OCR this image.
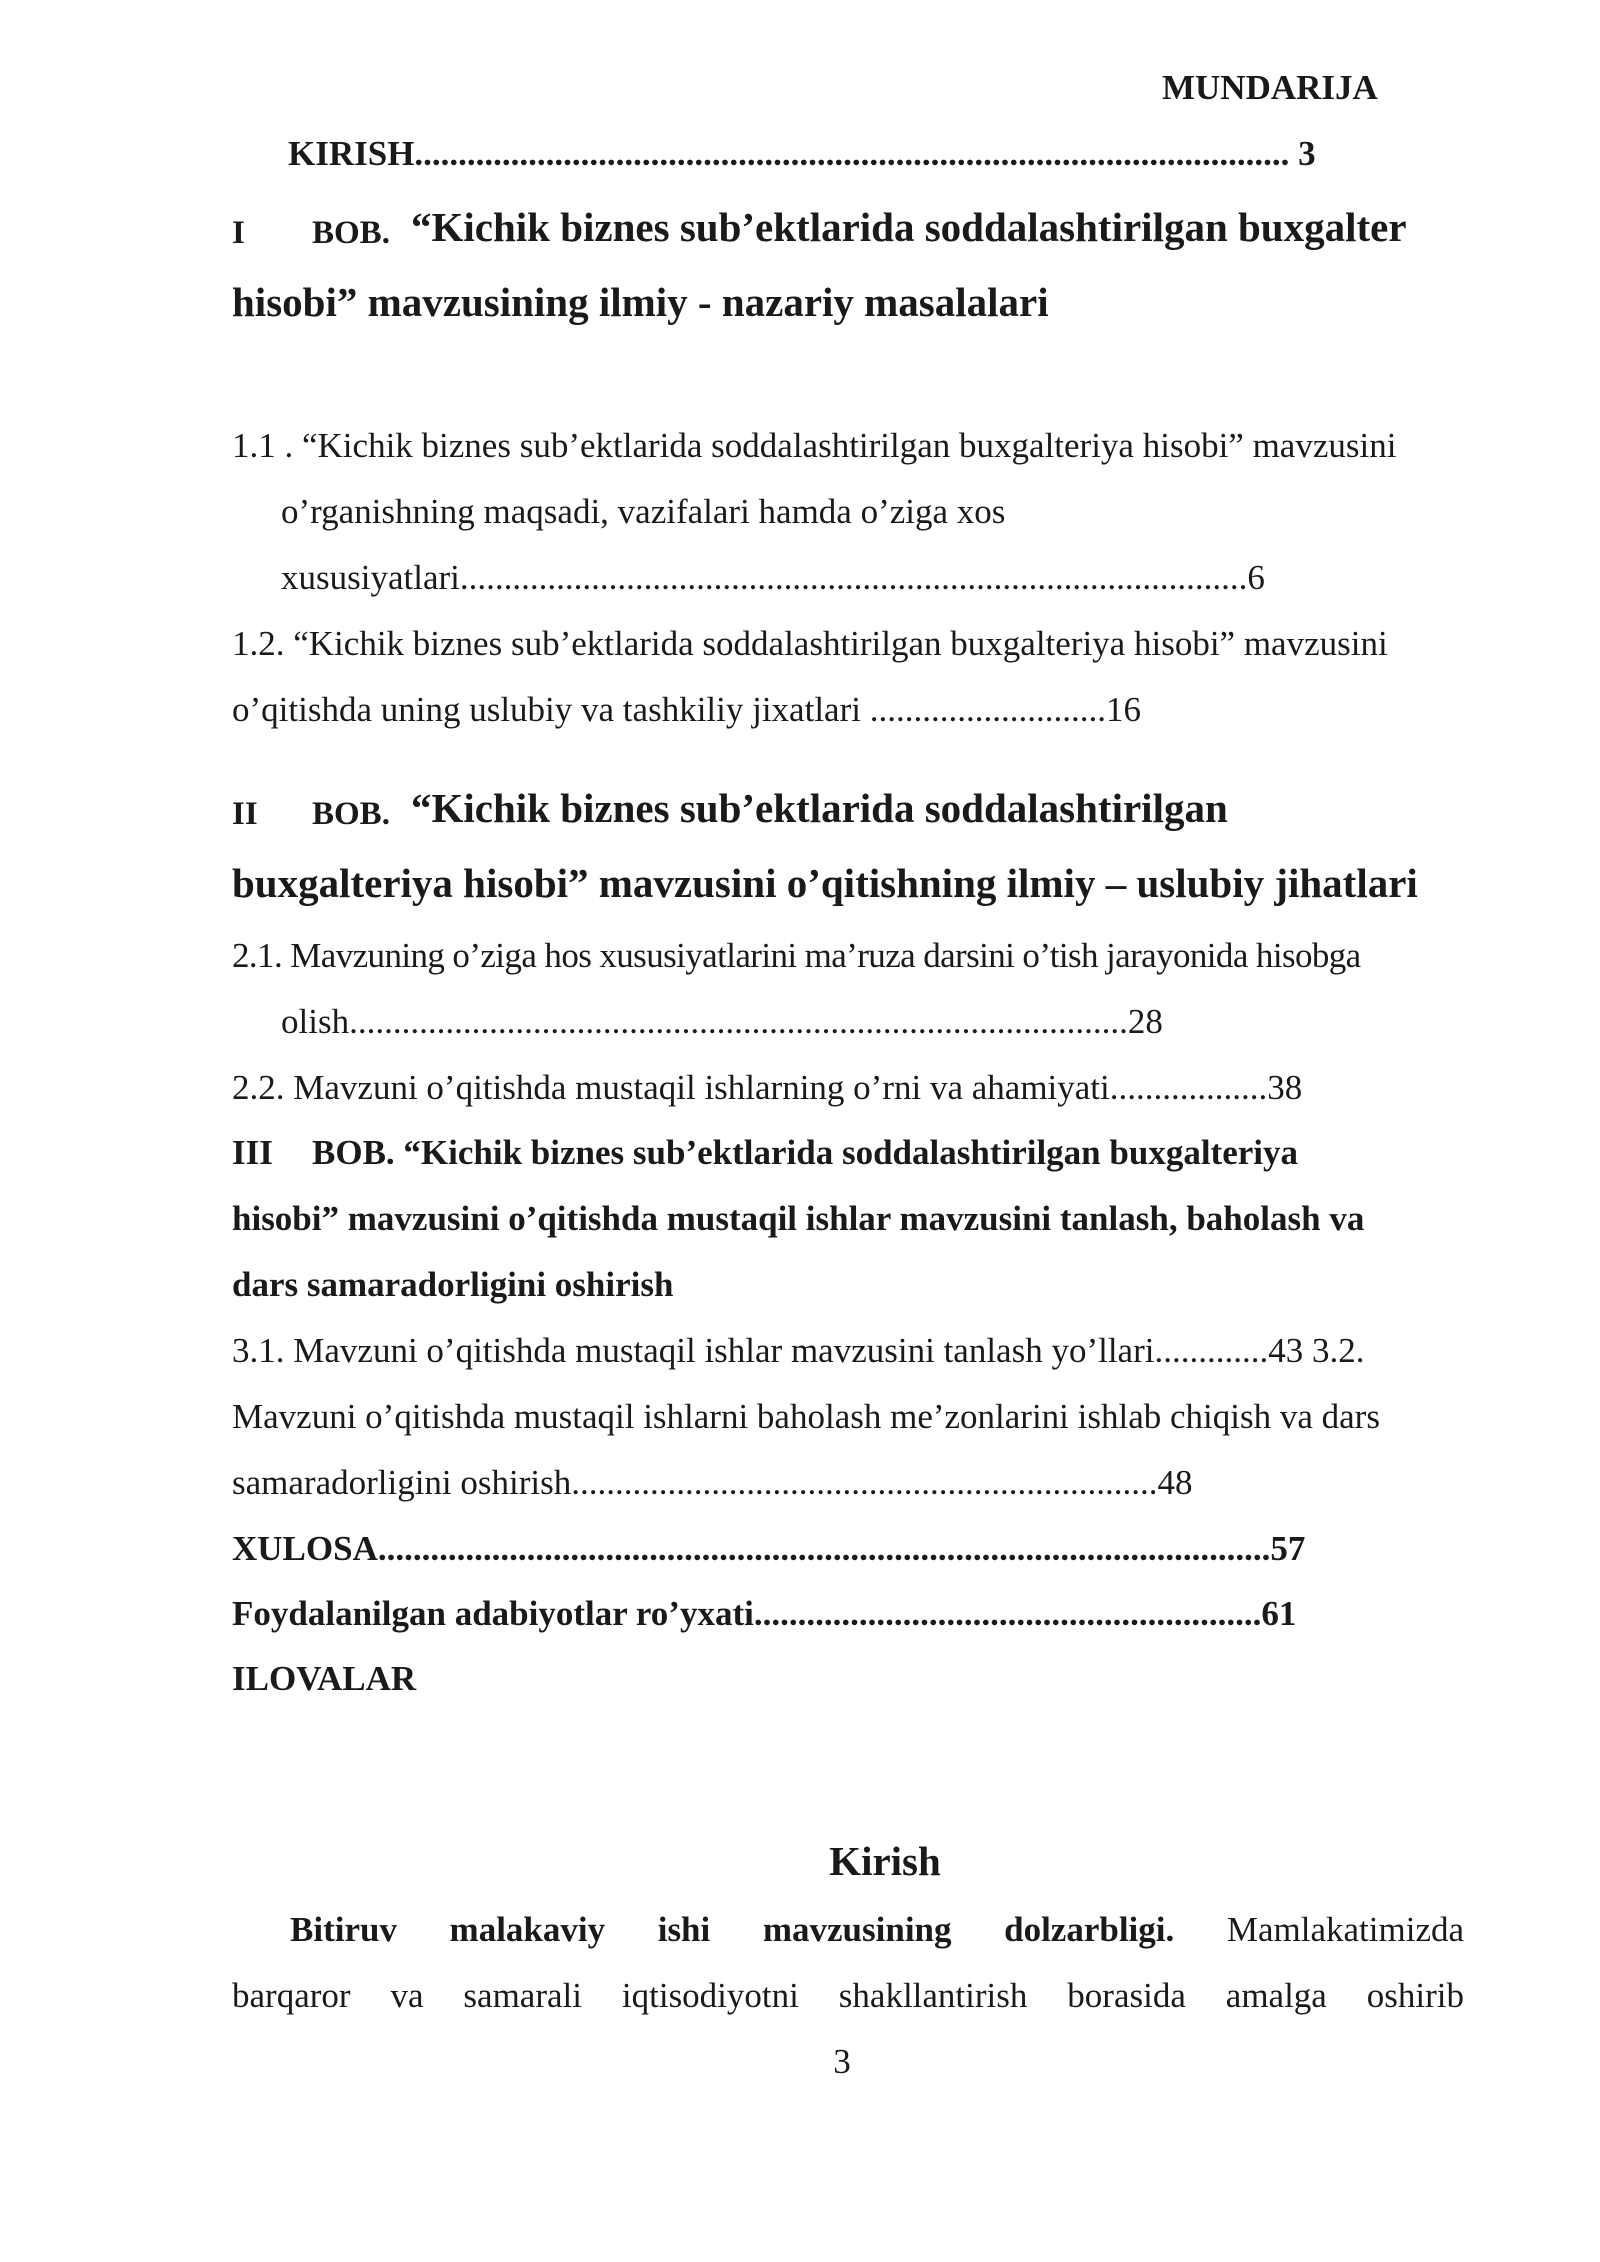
MUNDARIJA
KIRISH.................................................................................................... 3
I BOB. “Kichik biznes sub’ektlarida soddalashtirilgan buxgalter
hisobi” mavzusining ilmiy - nazariy masalalari
1.1 . “Kichik biznes sub’ektlarida soddalashtirilgan buxgalteriya hisobi” mavzusini
o’rganishning maqsadi, vazifalari hamda o’ziga xos
xususiyatlari..........................................................................................6
1.2. “Kichik biznes sub’ektlarida soddalashtirilgan buxgalteriya hisobi” mavzusini
o’qitishda uning uslubiy va tashkiliy jixatlari ...........................16
II BOB. “Kichik biznes sub’ektlarida soddalashtirilgan
buxgalteriya hisobi” mavzusini o’qitishning ilmiy – uslubiy jihatlari
2.1. Mavzuning o’ziga hos xususiyatlarini ma’ruza darsini o’tish jarayonida hisobga
olish.........................................................................................28
2.2. Mavzuni o’qitishda mustaqil ishlarning o’rni va ahamiyati..................38
III BOB. “Kichik biznes sub’ektlarida soddalashtirilgan buxgalteriya
hisobi” mavzusini o’qitishda mustaqil ishlar mavzusini tanlash, baholash va
dars samaradorligini oshirish
3.1. Mavzuni o’qitishda mustaqil ishlar mavzusini tanlash yo’llari.............43 3.2.
Mavzuni o’qitishda mustaqil ishlarni baholash me’zonlarini ishlab chiqish va dars
samaradorligini oshirish...................................................................48
XULOSA......................................................................................................57
Foydalanilgan adabiyotlar ro’yxati..........................................................61
ILOVALAR
Kirish
Bitiruv malakaviy ishi mavzusining dolzarbligi. Mamlakatimizda
barqaror va samarali iqtisodiyotni shakllantirish borasida amalga oshirib
3
